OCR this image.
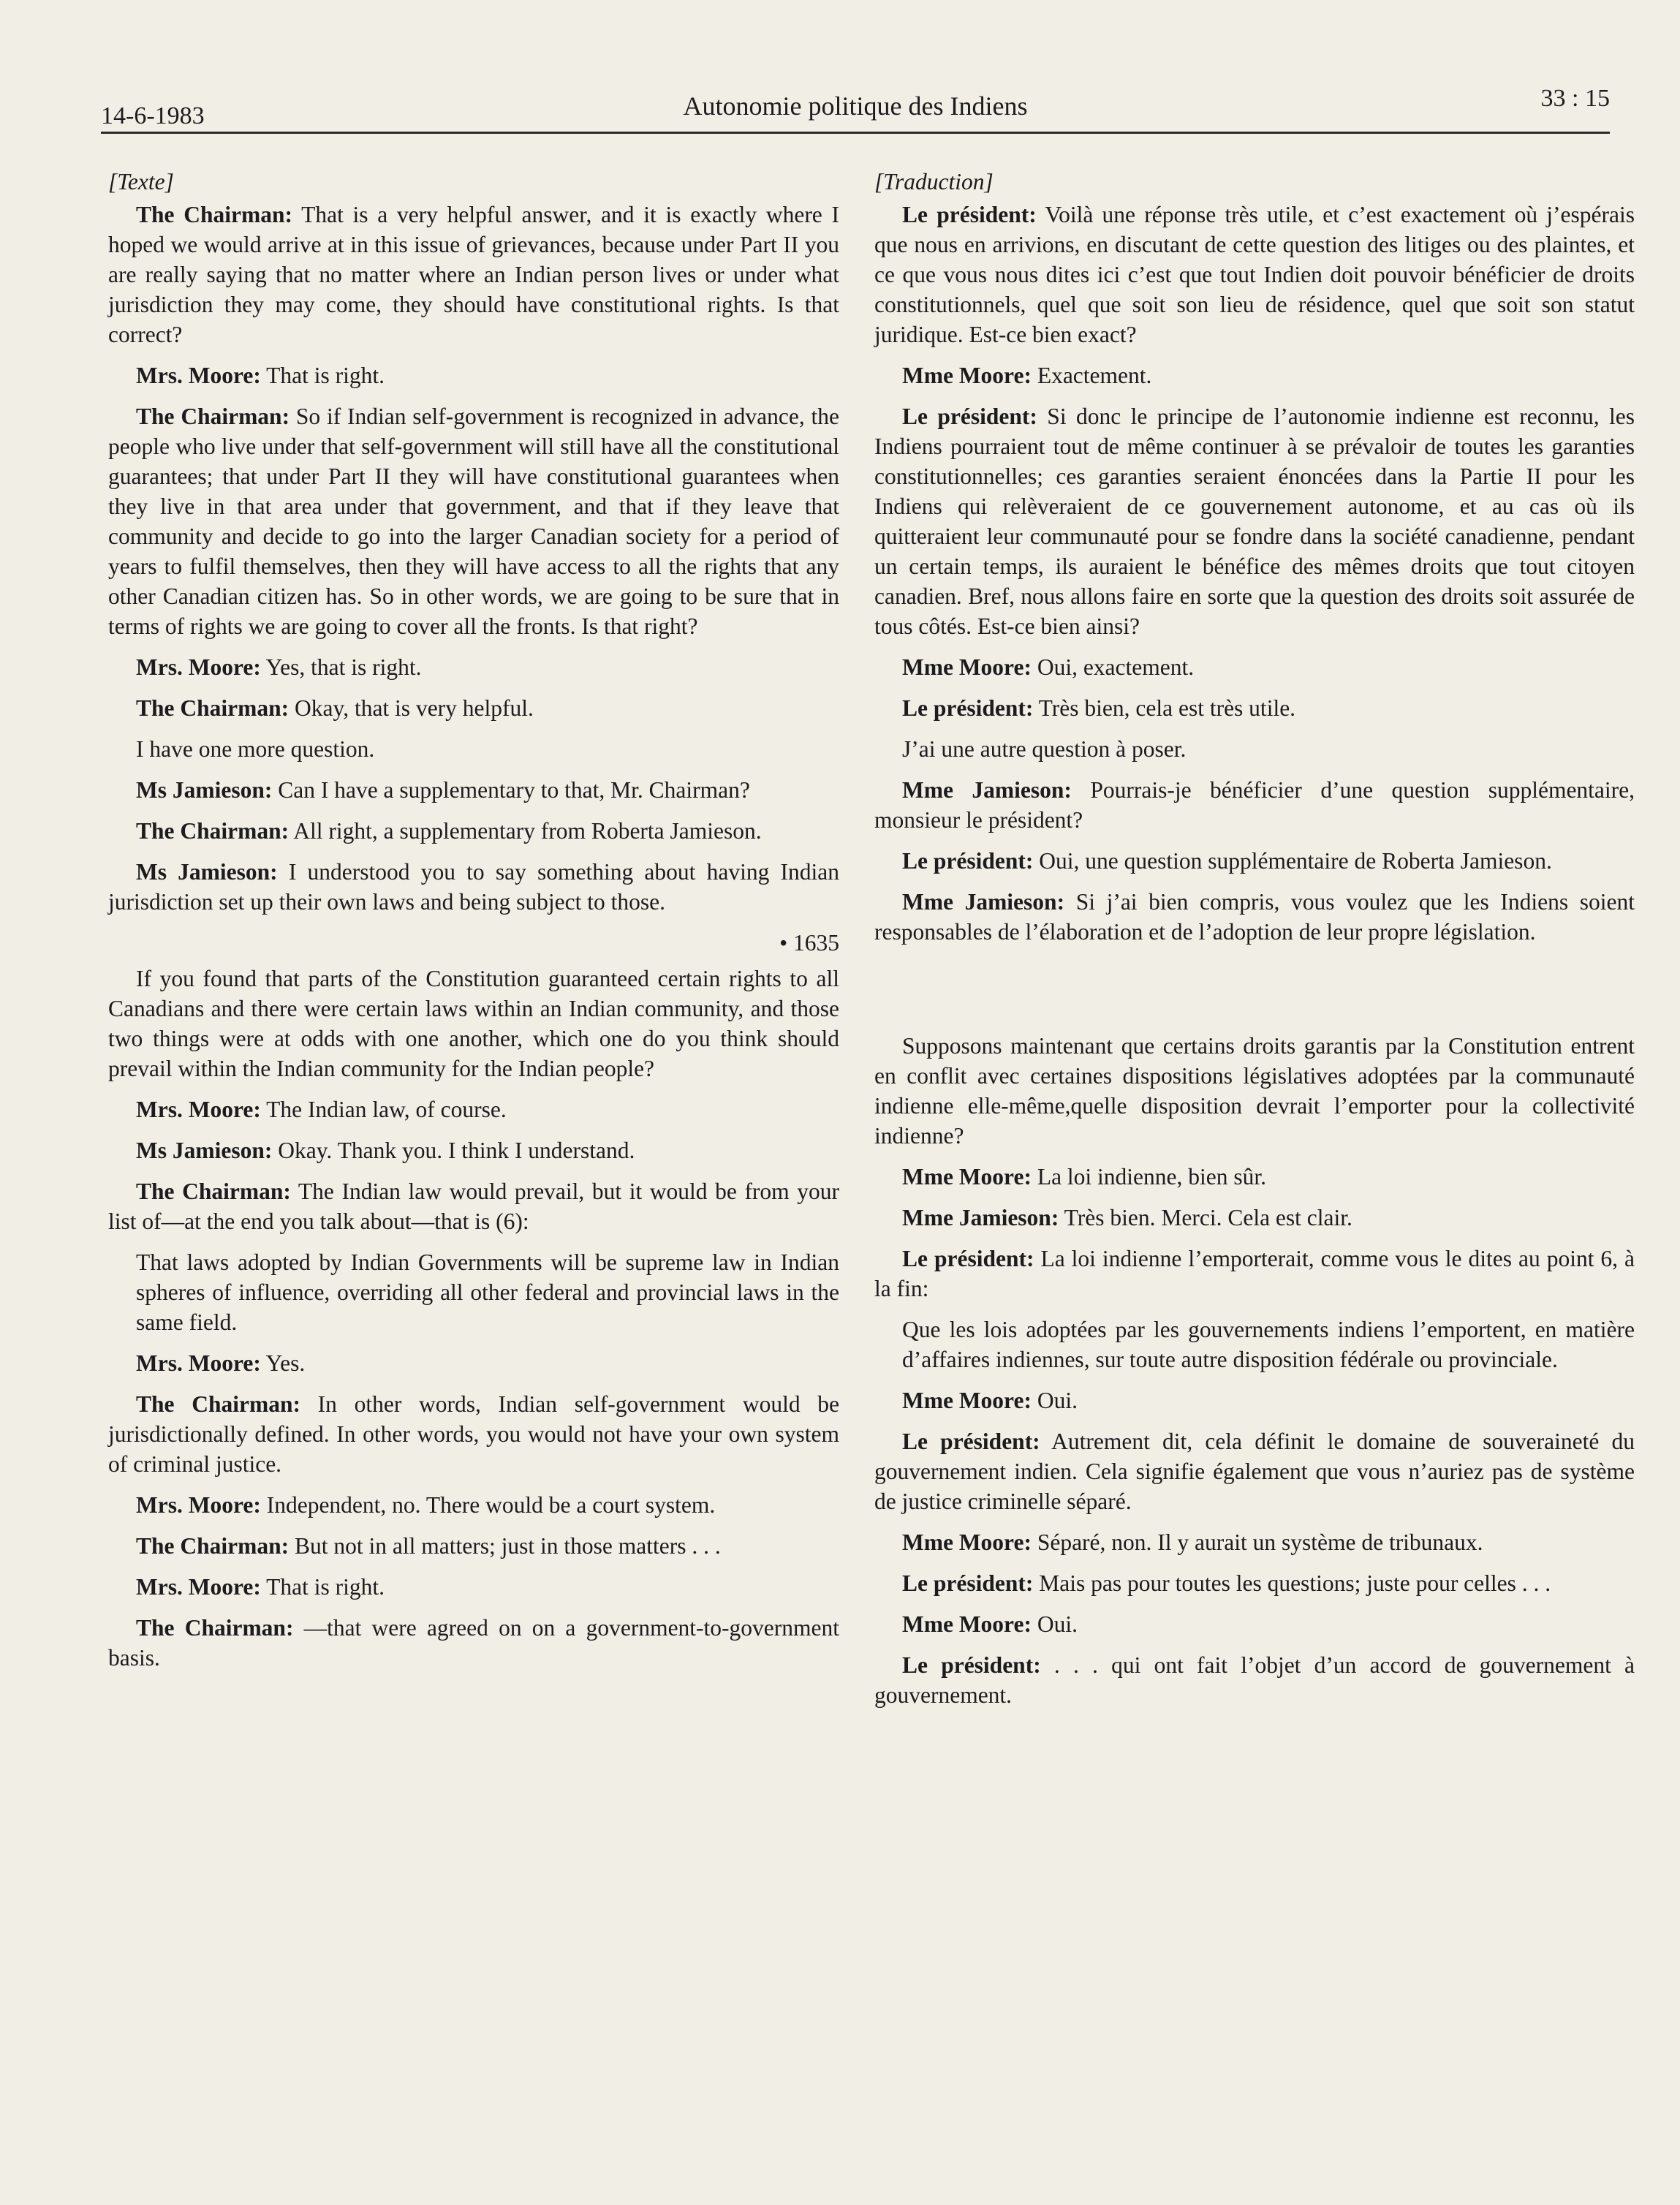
14-6-1983	Autonomie politique des Indiens	33 : 15
[Texte]

The Chairman: That is a very helpful answer, and it is exactly where I hoped we would arrive at in this issue of grievances, because under Part II you are really saying that no matter where an Indian person lives or under what jurisdiction they may come, they should have constitutional rights. Is that correct?

Mrs. Moore: That is right.

The Chairman: So if Indian self-government is recognized in advance, the people who live under that self-government will still have all the constitutional guarantees; that under Part II they will have constitutional guarantees when they live in that area under that government, and that if they leave that community and decide to go into the larger Canadian society for a period of years to fulfil themselves, then they will have access to all the rights that any other Canadian citizen has. So in other words, we are going to be sure that in terms of rights we are going to cover all the fronts. Is that right?

Mrs. Moore: Yes, that is right.

The Chairman: Okay, that is very helpful.

I have one more question.

Ms Jamieson: Can I have a supplementary to that, Mr. Chairman?

The Chairman: All right, a supplementary from Roberta Jamieson.

Ms Jamieson: I understood you to say something about having Indian jurisdiction set up their own laws and being subject to those.

• 1635

If you found that parts of the Constitution guaranteed certain rights to all Canadians and there were certain laws within an Indian community, and those two things were at odds with one another, which one do you think should prevail within the Indian community for the Indian people?

Mrs. Moore: The Indian law, of course.

Ms Jamieson: Okay. Thank you. I think I understand.

The Chairman: The Indian law would prevail, but it would be from your list of—at the end you talk about—that is (6):

That laws adopted by Indian Governments will be supreme law in Indian spheres of influence, overriding all other federal and provincial laws in the same field.

Mrs. Moore: Yes.

The Chairman: In other words, Indian self-government would be jurisdictionally defined. In other words, you would not have your own system of criminal justice.

Mrs. Moore: Independent, no. There would be a court system.

The Chairman: But not in all matters; just in those matters . . .

Mrs. Moore: That is right.

The Chairman: —that were agreed on on a government-to-government basis.

[Traduction]

Le président: Voilà une réponse très utile, et c’est exactement où j’espérais que nous en arrivions, en discutant de cette question des litiges ou des plaintes, et ce que vous nous dites ici c’est que tout Indien doit pouvoir bénéficier de droits constitutionnels, quel que soit son lieu de résidence, quel que soit son statut juridique. Est-ce bien exact?

Mme Moore: Exactement.

Le président: Si donc le principe de l’autonomie indienne est reconnu, les Indiens pourraient tout de même continuer à se prévaloir de toutes les garanties constitutionnelles; ces garanties seraient énoncées dans la Partie II pour les Indiens qui relèveraient de ce gouvernement autonome, et au cas où ils quitteraient leur communauté pour se fondre dans la société canadienne, pendant un certain temps, ils auraient le bénéfice des mêmes droits que tout citoyen canadien. Bref, nous allons faire en sorte que la question des droits soit assurée de tous côtés. Est-ce bien ainsi?

Mme Moore: Oui, exactement.

Le président: Très bien, cela est très utile.

J’ai une autre question à poser.

Mme Jamieson: Pourrais-je bénéficier d’une question supplémentaire, monsieur le président?

Le président: Oui, une question supplémentaire de Roberta Jamieson.

Mme Jamieson: Si j’ai bien compris, vous voulez que les Indiens soient responsables de l’élaboration et de l’adoption de leur propre législation.

Supposons maintenant que certains droits garantis par la Constitution entrent en conflit avec certaines dispositions législatives adoptées par la communauté indienne elle-même,quelle disposition devrait l’emporter pour la collectivité indienne?

Mme Moore: La loi indienne, bien sûr.

Mme Jamieson: Très bien. Merci. Cela est clair.

Le président: La loi indienne l’emporterait, comme vous le dites au point 6, à la fin:

Que les lois adoptées par les gouvernements indiens l’emportent, en matière d’affaires indiennes, sur toute autre disposition fédérale ou provinciale.

Mme Moore: Oui.

Le président: Autrement dit, cela définit le domaine de souveraineté du gouvernement indien. Cela signifie également que vous n’auriez pas de système de justice criminelle séparé.

Mme Moore: Séparé, non. Il y aurait un système de tribunaux.

Le président: Mais pas pour toutes les questions; juste pour celles . . .

Mme Moore: Oui.

Le président: . . . qui ont fait l’objet d’un accord de gouvernement à gouvernement.
